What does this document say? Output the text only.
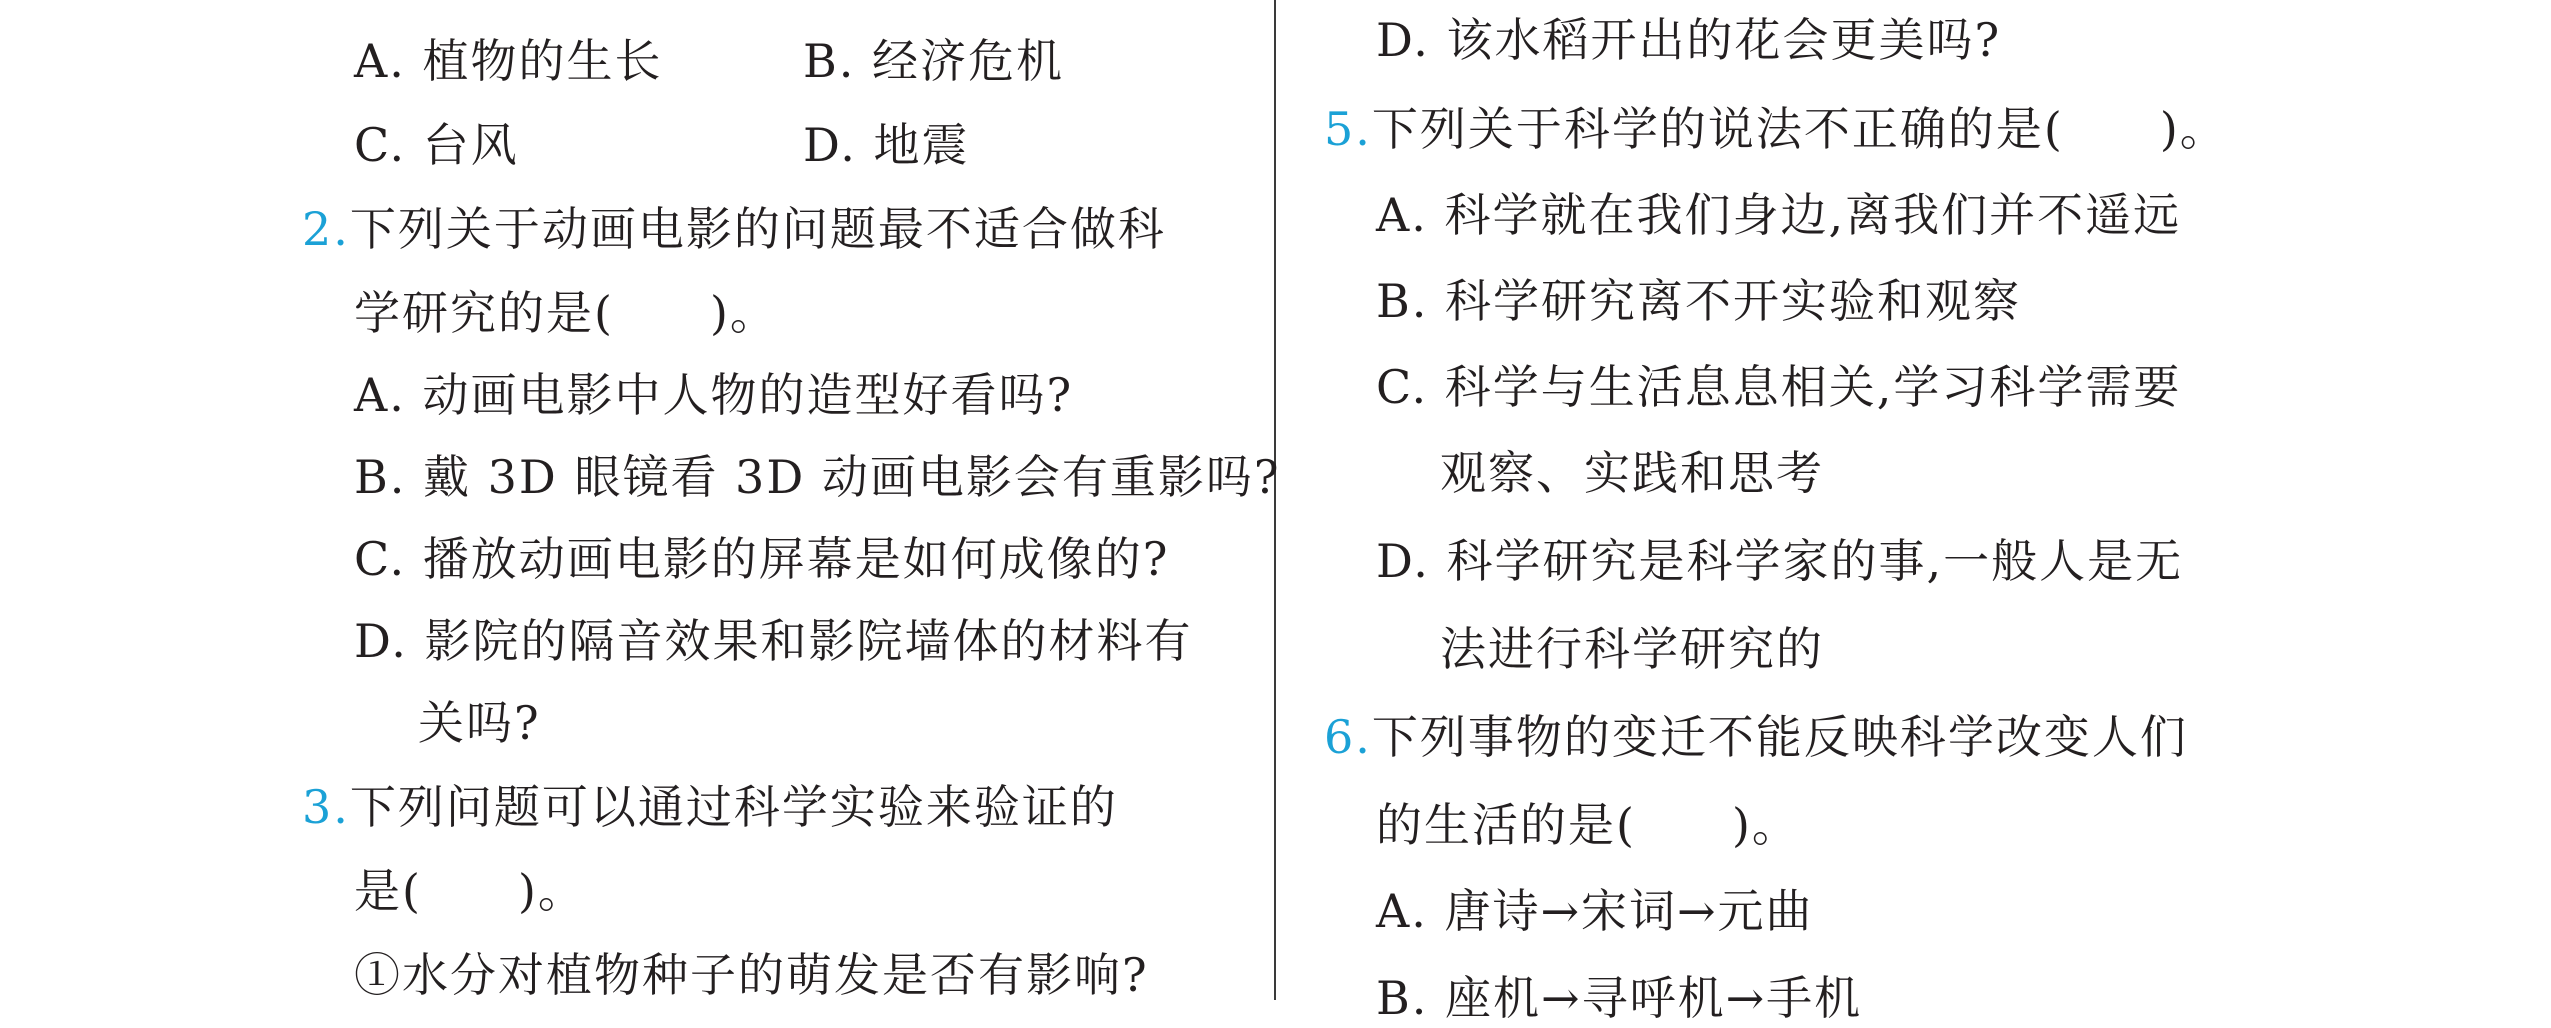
A. 植物的生长	B. 经济危机
C. 台风	D. 地震
2.下列关于动画电影的问题最不适合做科
学研究的是(　　)。
A. 动画电影中人物的造型好看吗?
B. 戴 3D 眼镜看 3D 动画电影会有重影吗?
C. 播放动画电影的屏幕是如何成像的?
D. 影院的隔音效果和影院墙体的材料有
关吗?
3.下列问题可以通过科学实验来验证的
是(　　)。
①水分对植物种子的萌发是否有影响?
D. 该水稻开出的花会更美吗?
5.下列关于科学的说法不正确的是(　　)。
A. 科学就在我们身边,离我们并不遥远
B. 科学研究离不开实验和观察
C. 科学与生活息息相关,学习科学需要
观察、实践和思考
D. 科学研究是科学家的事,一般人是无
法进行科学研究的
6.下列事物的变迁不能反映科学改变人们
的生活的是(　　)。
A. 唐诗→宋词→元曲
B. 座机→寻呼机→手机
